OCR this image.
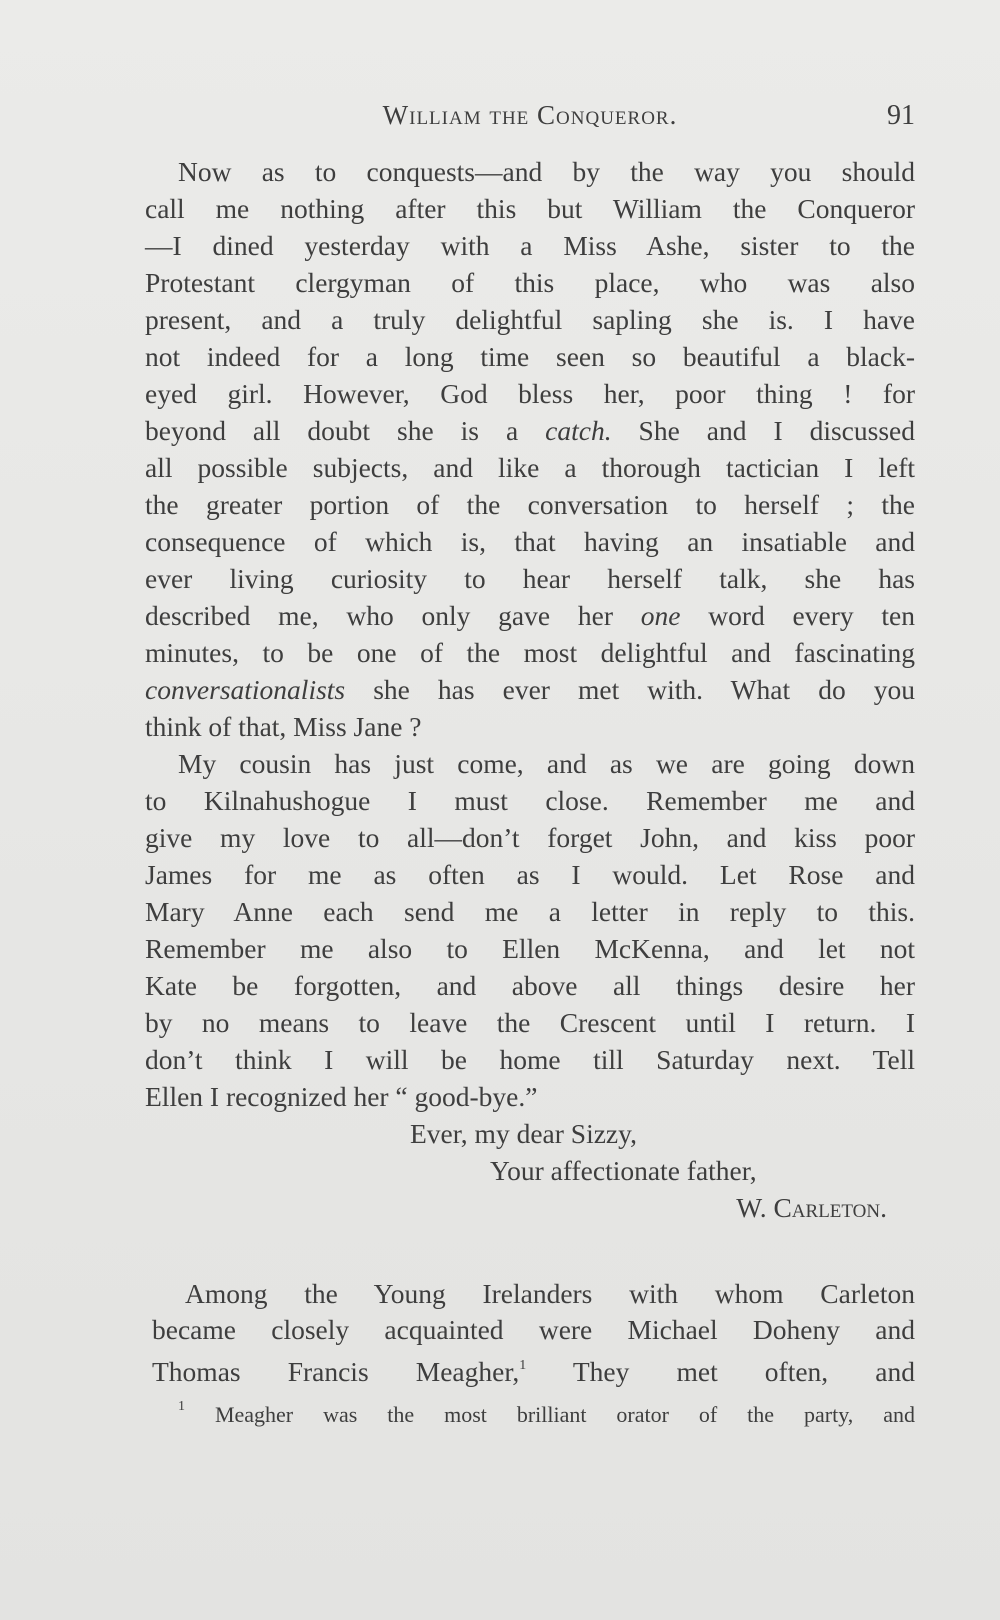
William the Conqueror.	91

Now as to conquests—and by the way you should
call me nothing after this but William the Conqueror
—I dined yesterday with a Miss Ashe, sister to the
Protestant clergyman of this place, who was also
present, and a truly delightful sapling she is. I have
not indeed for a long time seen so beautiful a black-
eyed girl. However, God bless her, poor thing ! for
beyond all doubt she is a catch. She and I discussed
all possible subjects, and like a thorough tactician I left
the greater portion of the conversation to herself ; the
consequence of which is, that having an insatiable and
ever living curiosity to hear herself talk, she has
described me, who only gave her one word every ten
minutes, to be one of the most delightful and fascinating
conversationalists she has ever met with. What do you
think of that, Miss Jane ?

My cousin has just come, and as we are going down
to Kilnahushogue I must close. Remember me and
give my love to all—don’t forget John, and kiss poor
James for me as often as I would. Let Rose and
Mary Anne each send me a letter in reply to this.
Remember me also to Ellen McKenna, and let not
Kate be forgotten, and above all things desire her
by no means to leave the Crescent until I return. I
don’t think I will be home till Saturday next. Tell
Ellen I recognized her “ good-bye.”

Ever, my dear Sizzy,
Your affectionate father,
W. Carleton.

Among the Young Irelanders with whom Carleton
became closely acquainted were Michael Doheny and
Thomas Francis Meagher,$^1$ They met often, and
$^1$ Meagher was the most brilliant orator of the party, and
